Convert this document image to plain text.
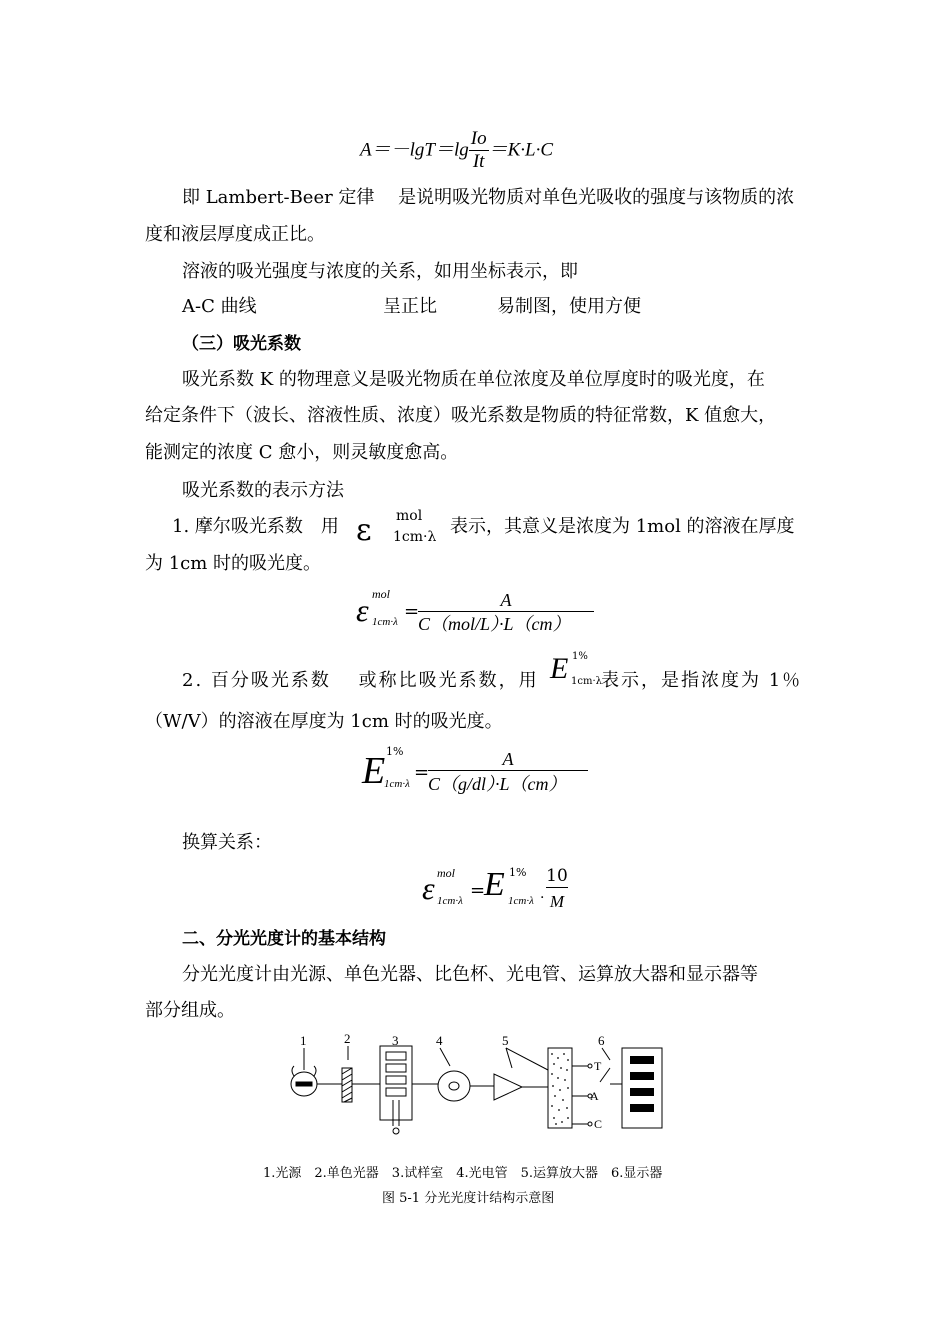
$A=-\lg T=\lg \frac{Io}{It} =K\cdot L\cdot C$
即 Lambert-Beer 定律　 是说明吸光物质对单色光吸收的强度与该物质的浓
度和液层厚度成正比。
溶液的吸光强度与浓度的关系，如用坐标表示，即
A-C 曲线	呈正比	易制图，使用方便
（三）吸光系数
吸光系数 K 的物理意义是吸光物质在单位浓度及单位厚度时的吸光度，在
给定条件下（波长、溶液性质、浓度）吸光系数是物质的特征常数，K 值愈大，
能测定的浓度 C 愈小，则灵敏度愈高。
吸光系数的表示方法
1. 摩尔吸光系数　用 ε mol
1cm·λ 表示，其意义是浓度为 1mol 的溶液在厚度
为 1cm 时的吸光度。
ε mol
1cm·λ =
A
C（mol/L）·L（cm）
2. 百分吸光系数　 或称比吸光系数，用 E 1%
1cm·λ 表示，是指浓度为 1％
（W/V）的溶液在厚度为 1cm 时的吸光度。
E 1%
1cm·λ
=
A
C（g/dl）·L（cm）
换算关系：
ε mol
1cm·λ =
E 1%
1cm·λ ·
10
M
二、分光光度计的基本结构
分光光度计由光源、单色光器、比色杯、光电管、运算放大器和显示器等
部分组成。
1	2	3	4	5	6
T
A
C
1.光源　2.单色光器　3.试样室　4.光电管　5.运算放大器　6.显示器
图 5-1 分光光度计结构示意图
